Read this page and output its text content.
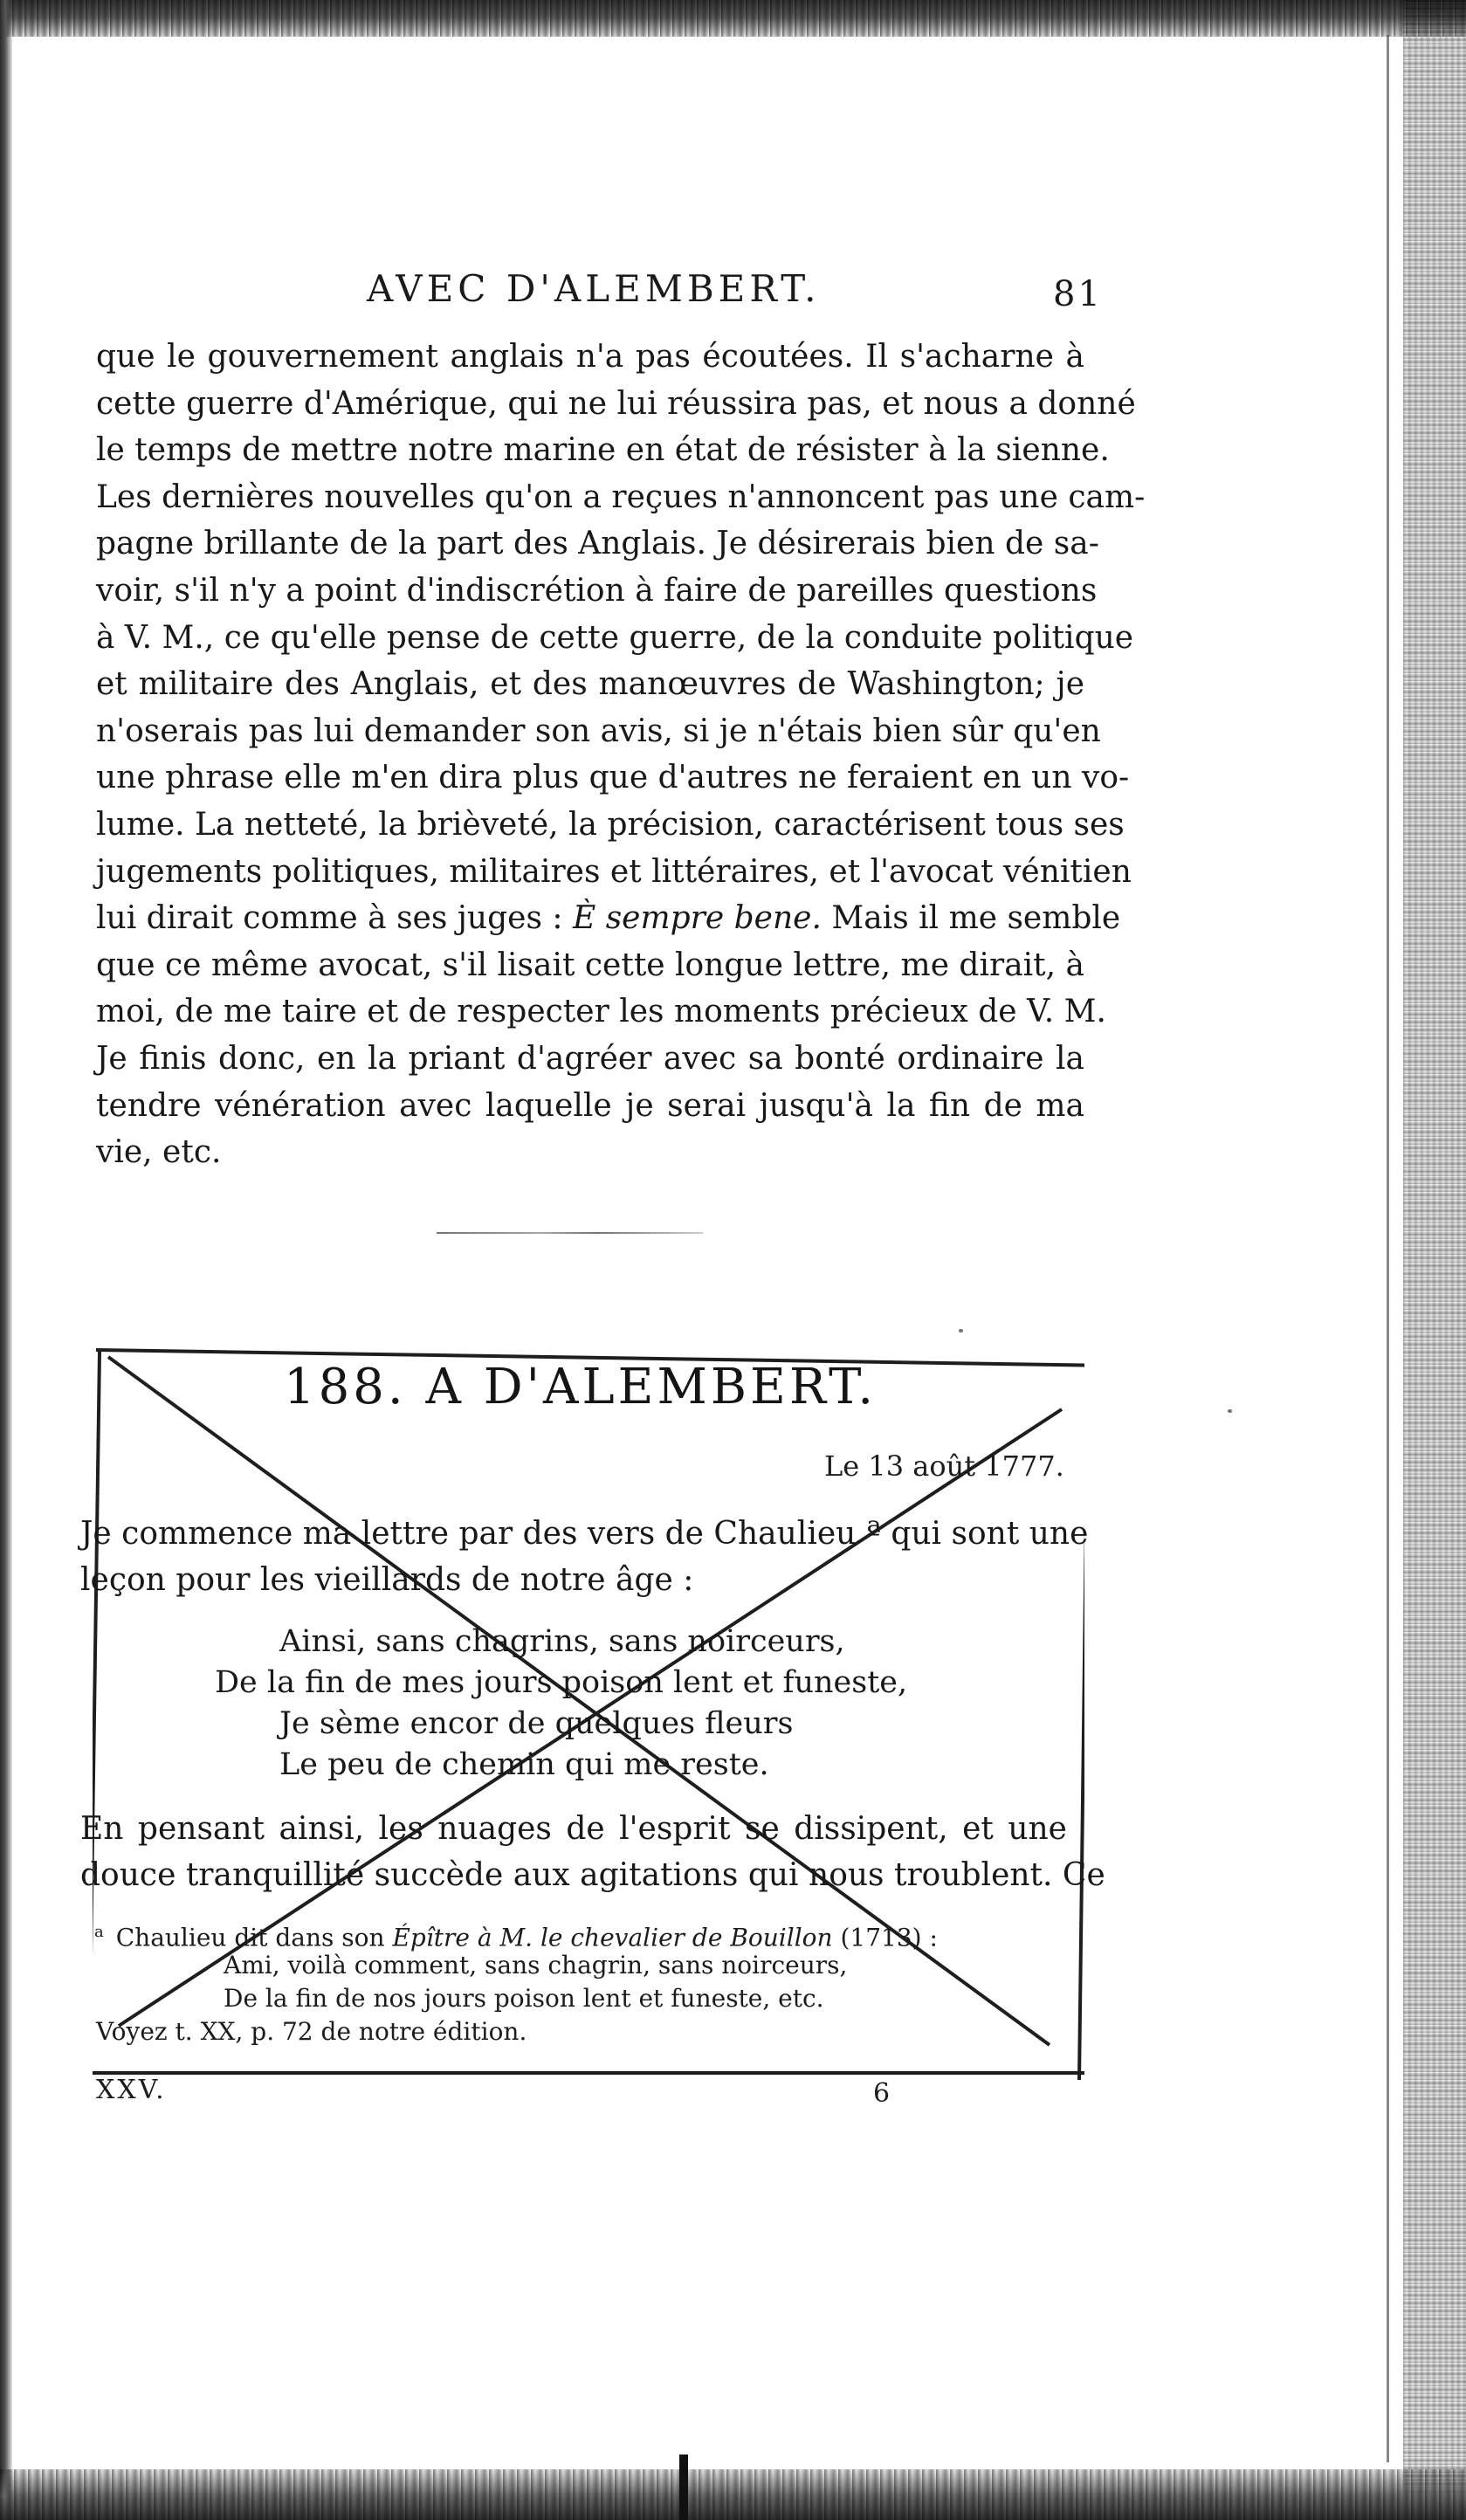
AVEC D'ALEMBERT.	81
que le gouvernement anglais n'a pas écoutées. Il s'acharne à
cette guerre d'Amérique, qui ne lui réussira pas, et nous a donné
le temps de mettre notre marine en état de résister à la sienne.
Les dernières nouvelles qu'on a reçues n'annoncent pas une cam-
pagne brillante de la part des Anglais. Je désirerais bien de sa-
voir, s'il n'y a point d'indiscrétion à faire de pareilles questions
à V. M., ce qu'elle pense de cette guerre, de la conduite politique
et militaire des Anglais, et des manœuvres de Washington; je
n'oserais pas lui demander son avis, si je n'étais bien sûr qu'en
une phrase elle m'en dira plus que d'autres ne feraient en un vo-
lume. La netteté, la brièveté, la précision, caractérisent tous ses
jugements politiques, militaires et littéraires, et l'avocat vénitien
lui dirait comme à ses juges : È sempre bene. Mais il me semble
que ce même avocat, s'il lisait cette longue lettre, me dirait, à
moi, de me taire et de respecter les moments précieux de V. M.
Je finis donc, en la priant d'agréer avec sa bonté ordinaire la
tendre vénération avec laquelle je serai jusqu'à la fin de ma
vie, etc.
188. A D'ALEMBERT.
Le 13 août 1777.
Je commence ma lettre par des vers de Chaulieu ª qui sont une
leçon pour les vieillards de notre âge :
Ainsi, sans chagrins, sans noirceurs,
De la fin de mes jours poison lent et funeste,
Je sème encor de quelques fleurs
Le peu de chemin qui me reste.
En pensant ainsi, les nuages de l'esprit se dissipent, et une
douce tranquillité succède aux agitations qui nous troublent. Ce
$^a$ Chaulieu dit dans son Épître à M. le chevalier de Bouillon (1713) :
Ami, voilà comment, sans chagrin, sans noirceurs,
De la fin de nos jours poison lent et funeste, etc.
Voyez t. XX, p. 72 de notre édition.
XXV.	6
